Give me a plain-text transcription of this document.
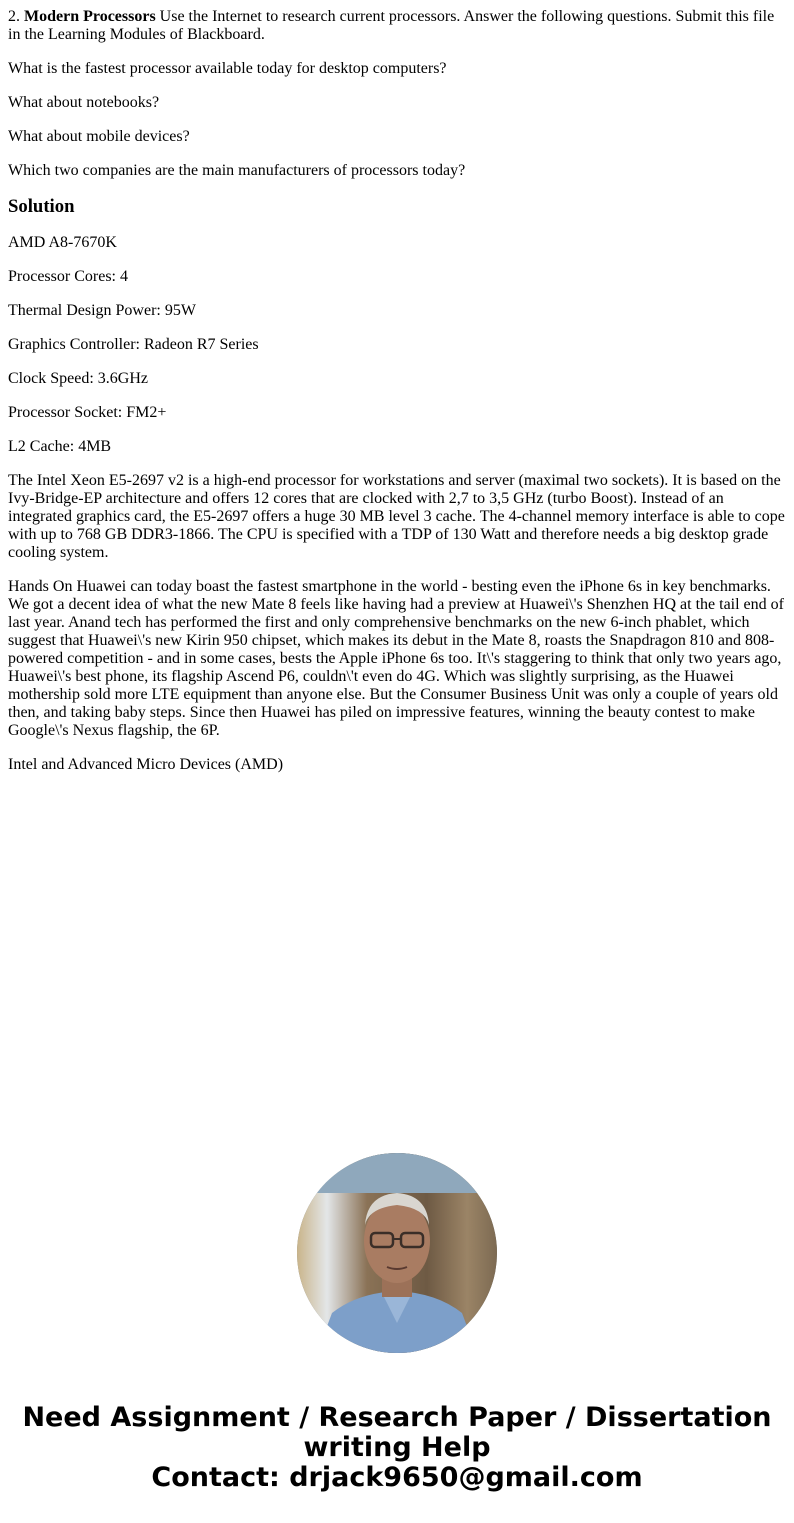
2. Modern Processors Use the Internet to research current processors. Answer the following questions. Submit this file in the Learning Modules of Blackboard.

What is the fastest processor available today for desktop computers?

What about notebooks?

What about mobile devices?

Which two companies are the main manufacturers of processors today?

Solution

AMD A8-7670K

Processor Cores: 4

Thermal Design Power: 95W

Graphics Controller: Radeon R7 Series

Clock Speed: 3.6GHz

Processor Socket: FM2+

L2 Cache: 4MB

The Intel Xeon E5-2697 v2 is a high-end processor for workstations and server (maximal two sockets). It is based on the Ivy-Bridge-EP architecture and offers 12 cores that are clocked with 2,7 to 3,5 GHz (turbo Boost). Instead of an integrated graphics card, the E5-2697 offers a huge 30 MB level 3 cache. The 4-channel memory interface is able to cope with up to 768 GB DDR3-1866. The CPU is specified with a TDP of 130 Watt and therefore needs a big desktop grade cooling system.

Hands On Huawei can today boast the fastest smartphone in the world - besting even the iPhone 6s in key benchmarks. We got a decent idea of what the new Mate 8 feels like having had a preview at Huawei\'s Shenzhen HQ at the tail end of last year. Anand tech has performed the first and only comprehensive benchmarks on the new 6-inch phablet, which suggest that Huawei\'s new Kirin 950 chipset, which makes its debut in the Mate 8, roasts the Snapdragon 810 and 808-powered competition - and in some cases, bests the Apple iPhone 6s too. It\'s staggering to think that only two years ago, Huawei\'s best phone, its flagship Ascend P6, couldn\'t even do 4G. Which was slightly surprising, as the Huawei mothership sold more LTE equipment than anyone else. But the Consumer Business Unit was only a couple of years old then, and taking baby steps. Since then Huawei has piled on impressive features, winning the beauty contest to make Google\'s Nexus flagship, the 6P.

Intel and Advanced Micro Devices (AMD)

Need Assignment / Research Paper / Dissertation
writing Help
Contact: drjack9650@gmail.com
